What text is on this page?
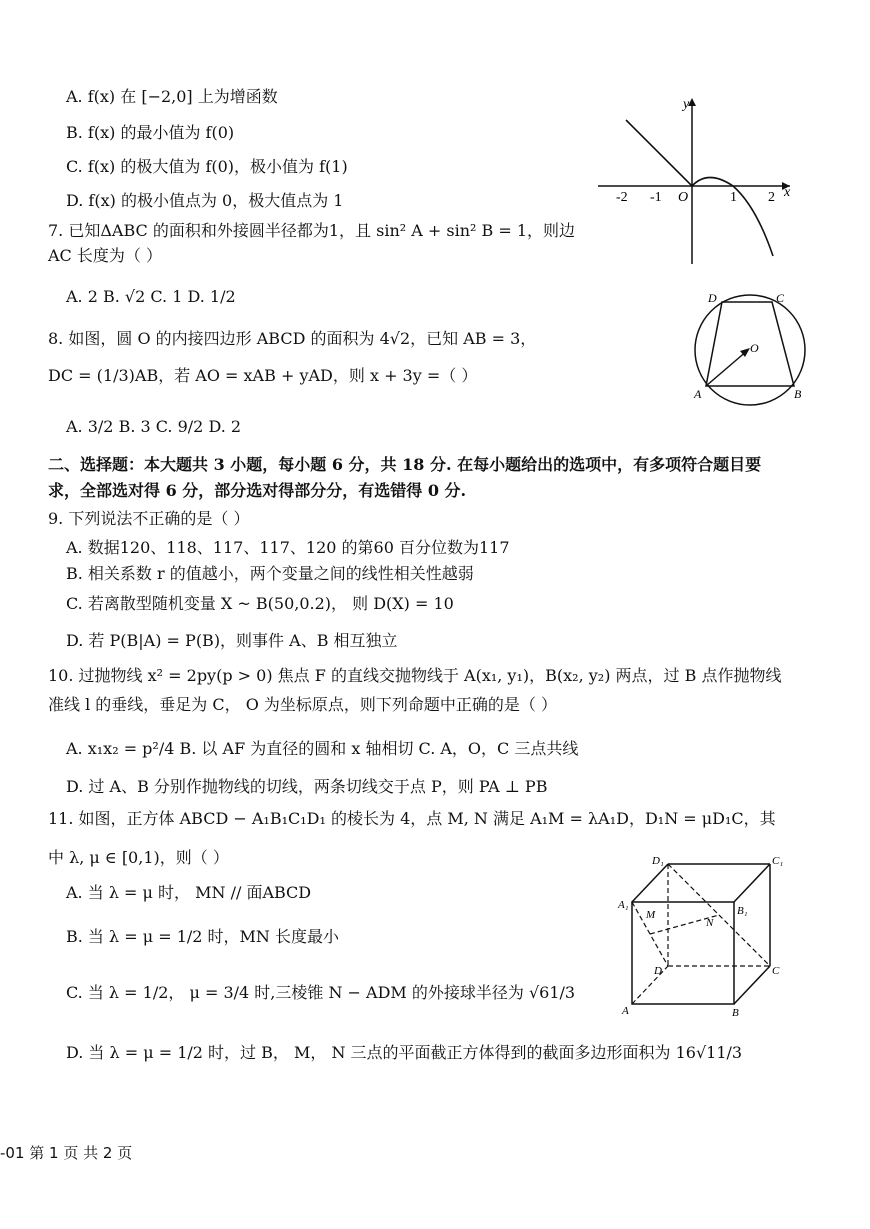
A. f(x) 在 [−2,0] 上为增函数
B. f(x) 的最小值为 f(0)
C. f(x) 的极大值为 f(0)，极小值为 f(1)
D. f(x) 的极小值点为 0，极大值点为 1
7. 已知ΔABC 的面积和外接圆半径都为1，且 sin² A + sin² B = 1，则边
AC 长度为（ ）
A. 2 B. √2 C. 1 D. 1/2
8. 如图，圆 O 的内接四边形 ABCD 的面积为 4√2，已知 AB = 3，
DC = (1/3)AB，若 AO = xAB + yAD，则 x + 3y =（ ）
A. 3/2 B. 3 C. 9/2 D. 2
二、选择题：本大题共 3 小题，每小题 6 分，共 18 分. 在每小题给出的选项中，有多项符合题目要
求，全部选对得 6 分，部分选对得部分分，有选错得 0 分.
9. 下列说法不正确的是（ ）
A. 数据120、118、117、117、120 的第60 百分位数为117
B. 相关系数 r 的值越小，两个变量之间的线性相关性越弱
C. 若离散型随机变量 X ~ B(50,0.2)， 则 D(X) = 10
D. 若 P(B|A) = P(B)，则事件 A、B 相互独立
10. 过抛物线 x² = 2py(p > 0) 焦点 F 的直线交抛物线于 A(x₁, y₁)，B(x₂, y₂) 两点，过 B 点作抛物线
准线 l 的垂线，垂足为 C， O 为坐标原点，则下列命题中正确的是（ ）
A. x₁x₂ = p²/4 B. 以 AF 为直径的圆和 x 轴相切 C. A，O，C 三点共线
D. 过 A、B 分别作抛物线的切线，两条切线交于点 P，则 PA ⊥ PB
11. 如图，正方体 ABCD − A₁B₁C₁D₁ 的棱长为 4，点 M, N 满足 A₁M = λA₁D，D₁N = μD₁C，其
中 λ, μ ∈ [0,1)，则（ ）
A. 当 λ = μ 时， MN // 面ABCD
B. 当 λ = μ = 1/2 时，MN 长度最小
C. 当 λ = 1/2， μ = 3/4 时,三棱锥 N − ADM 的外接球半径为 √61/3
D. 当 λ = μ = 1/2 时，过 B， M， N 三点的平面截正方体得到的截面多边形面积为 16√11/3
y
x
O
-2 -1	1 2
D	C
O
A	B
D₁	C₁
A₁	B₁
M
N
D	C
A	B
-01 第 1 页 共 2 页
